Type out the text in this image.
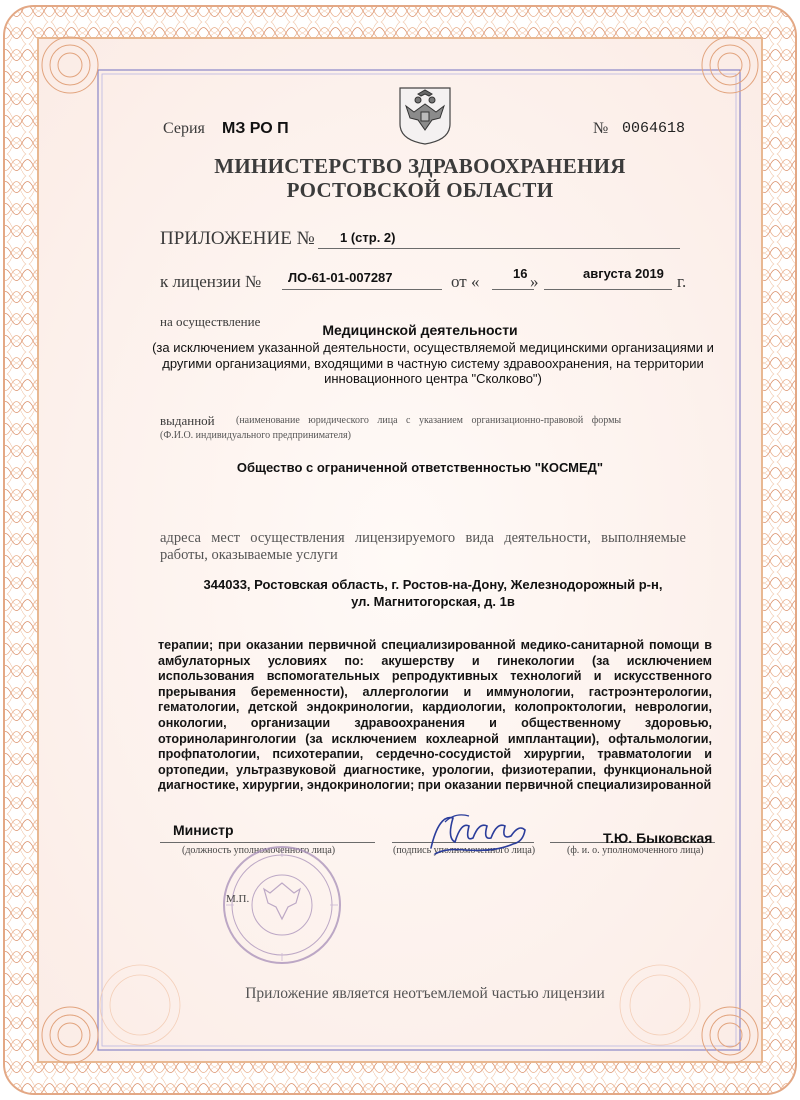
Серия МЗ РО П	№ 0064618
МИНИСТЕРСТВО ЗДРАВООХРАНЕНИЯ
РОСТОВСКОЙ ОБЛАСТИ
ПРИЛОЖЕНИЕ № 1 (стр. 2)
к лицензии № ЛО-61-01-007287	от «	16 »	августа 2019 г.
на осуществление
Медицинской деятельности
(за исключением указанной деятельности, осуществляемой медицинскими организациями и другими организациями, входящими в частную систему здравоохранения, на территории инновационного центра "Сколково")
выданной (наименование юридического лица с указанием организационно-правовой формы
(Ф.И.О. индивидуального предпринимателя)
Общество с ограниченной ответственностью "КОСМЕД"
адреса мест осуществления лицензируемого вида деятельности, выполняемые работы, оказываемые услуги
344033, Ростовская область, г. Ростов-на-Дону, Железнодорожный р-н,
ул. Магнитогорская, д. 1в
терапии; при оказании первичной специализированной медико-санитарной помощи в амбулаторных условиях по: акушерству и гинекологии (за исключением использования вспомогательных репродуктивных технологий и искусственного прерывания беременности), аллергологии и иммунологии, гастроэнтерологии, гематологии, детской эндокринологии, кардиологии, колопроктологии, неврологии, онкологии, организации здравоохранения и общественному здоровью, оториноларингологии (за исключением кохлеарной имплантации), офтальмологии, профпатологии, психотерапии, сердечно-сосудистой хирургии, травматологии и ортопедии, ультразвуковой диагностике, урологии, физиотерапии, функциональной диагностике, хирургии, эндокринологии; при оказании первичной специализированной
Министр
(должность уполномоченного лица)	(подпись уполномоченного лица)
Т.Ю. Быковская
(ф. и. о. уполномоченного лица)
М.П.
Приложение является неотъемлемой частью лицензии
